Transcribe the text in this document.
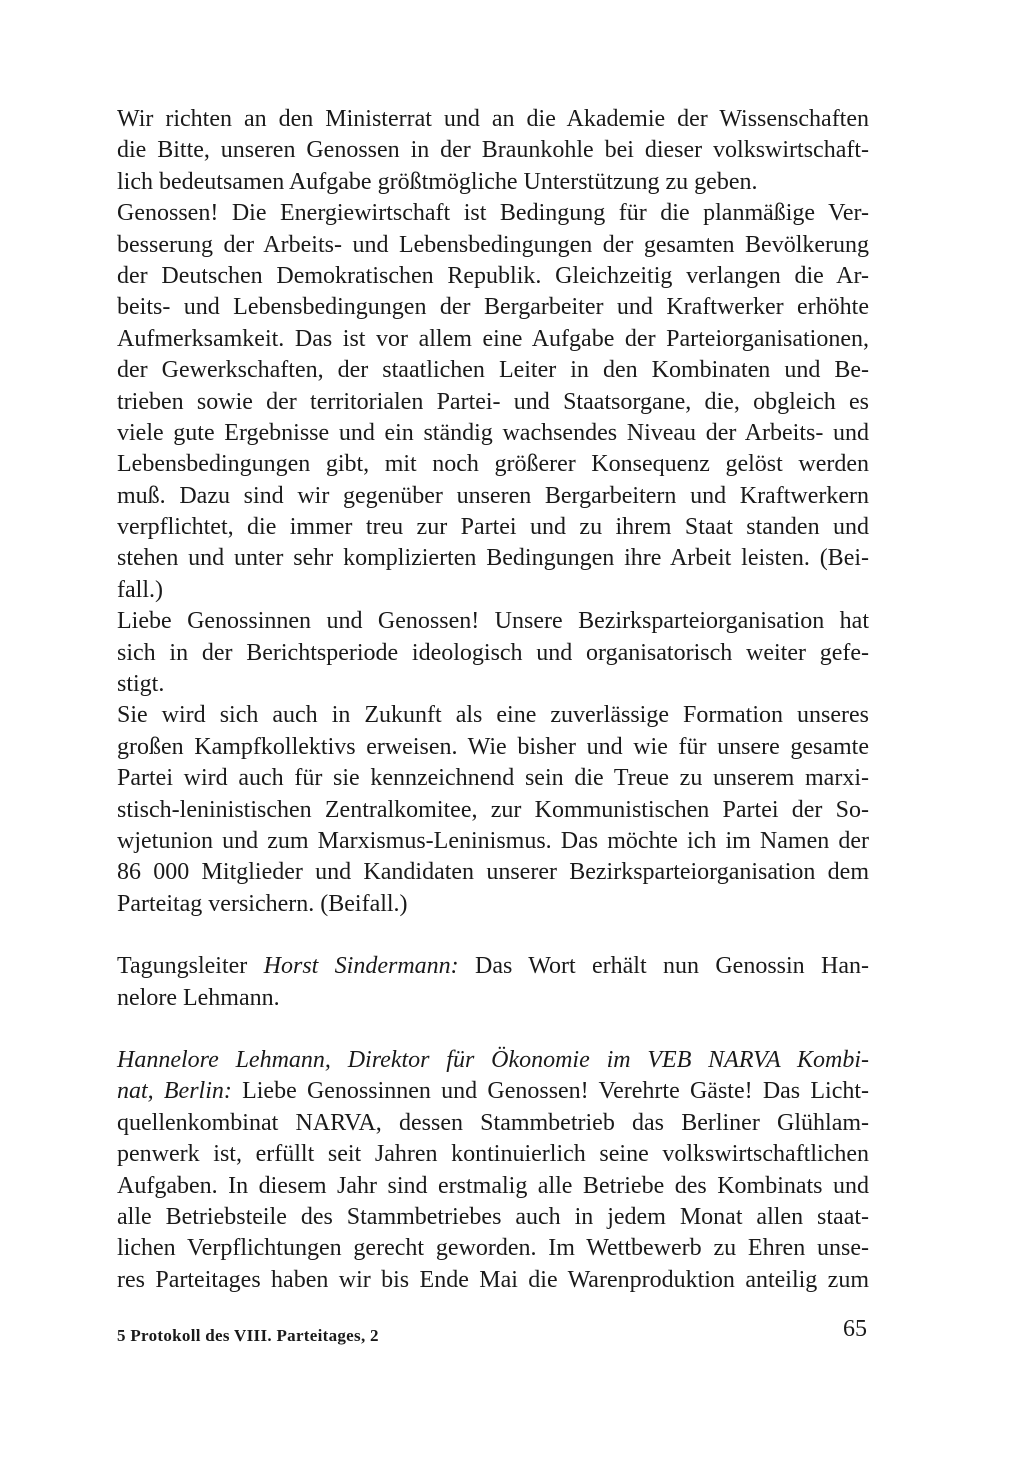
Wir richten an den Ministerrat und an die Akademie der Wissenschaften
die Bitte, unseren Genossen in der Braunkohle bei dieser volkswirtschaft-
lich bedeutsamen Aufgabe größtmögliche Unterstützung zu geben.
Genossen! Die Energiewirtschaft ist Bedingung für die planmäßige Ver-
besserung der Arbeits- und Lebensbedingungen der gesamten Bevölkerung
der Deutschen Demokratischen Republik. Gleichzeitig verlangen die Ar-
beits- und Lebensbedingungen der Bergarbeiter und Kraftwerker erhöhte
Aufmerksamkeit. Das ist vor allem eine Aufgabe der Parteiorganisationen,
der Gewerkschaften, der staatlichen Leiter in den Kombinaten und Be-
trieben sowie der territorialen Partei- und Staatsorgane, die, obgleich es
viele gute Ergebnisse und ein ständig wachsendes Niveau der Arbeits- und
Lebensbedingungen gibt, mit noch größerer Konsequenz gelöst werden
muß. Dazu sind wir gegenüber unseren Bergarbeitern und Kraftwerkern
verpflichtet, die immer treu zur Partei und zu ihrem Staat standen und
stehen und unter sehr komplizierten Bedingungen ihre Arbeit leisten. (Bei-
fall.)
Liebe Genossinnen und Genossen! Unsere Bezirksparteiorganisation hat
sich in der Berichtsperiode ideologisch und organisatorisch weiter gefe-
stigt.
Sie wird sich auch in Zukunft als eine zuverlässige Formation unseres
großen Kampfkollektivs erweisen. Wie bisher und wie für unsere gesamte
Partei wird auch für sie kennzeichnend sein die Treue zu unserem marxi-
stisch-leninistischen Zentralkomitee, zur Kommunistischen Partei der So-
wjetunion und zum Marxismus-Leninismus. Das möchte ich im Namen der
86 000 Mitglieder und Kandidaten unserer Bezirksparteiorganisation dem
Parteitag versichern. (Beifall.)
Tagungsleiter Horst Sindermann: Das Wort erhält nun Genossin Han-
nelore Lehmann.
Hannelore Lehmann, Direktor für Ökonomie im VEB NARVA Kombi-
nat, Berlin: Liebe Genossinnen und Genossen! Verehrte Gäste! Das Licht-
quellenkombinat NARVA, dessen Stammbetrieb das Berliner Glühlam-
penwerk ist, erfüllt seit Jahren kontinuierlich seine volkswirtschaftlichen
Aufgaben. In diesem Jahr sind erstmalig alle Betriebe des Kombinats und
alle Betriebsteile des Stammbetriebes auch in jedem Monat allen staat-
lichen Verpflichtungen gerecht geworden. Im Wettbewerb zu Ehren unse-
res Parteitages haben wir bis Ende Mai die Warenproduktion anteilig zum
5 Protokoll des VIII. Parteitages, 2	65
